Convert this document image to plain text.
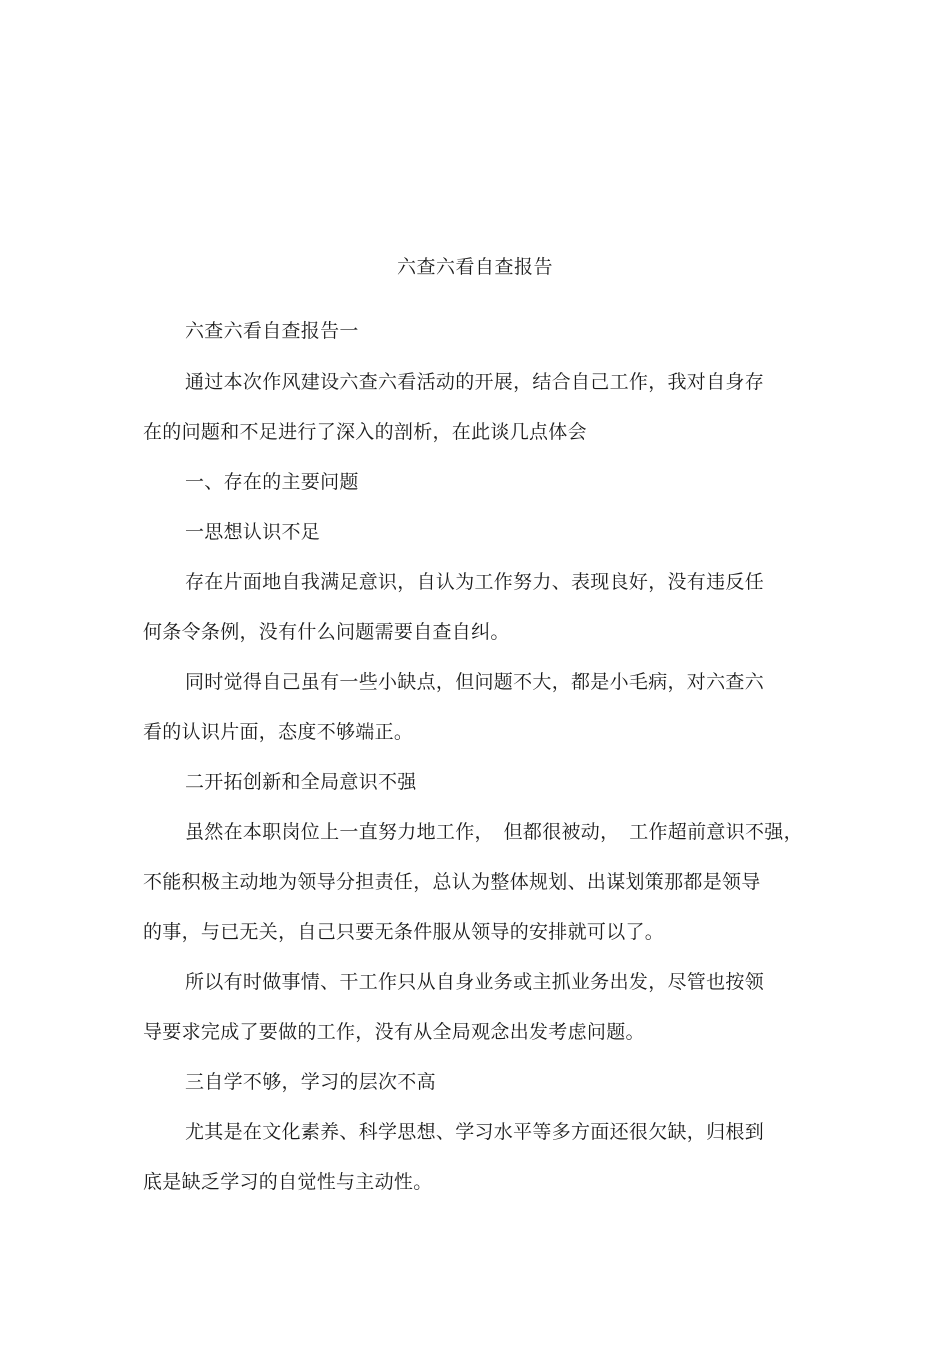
六查六看自查报告
六查六看自查报告一
通过本次作风建设六查六看活动的开展，结合自己工作，我对自身存
在的问题和不足进行了深入的剖析，在此谈几点体会
一、存在的主要问题
一思想认识不足
存在片面地自我满足意识，自认为工作努力、表现良好，没有违反任
何条令条例，没有什么问题需要自查自纠。
同时觉得自己虽有一些小缺点，但问题不大，都是小毛病，对六查六
看的认识片面，态度不够端正。
二开拓创新和全局意识不强
虽然在本职岗位上一直努力地工作，　但都很被动，　工作超前意识不强，
不能积极主动地为领导分担责任，总认为整体规划、出谋划策那都是领导
的事，与已无关，自己只要无条件服从领导的安排就可以了。
所以有时做事情、干工作只从自身业务或主抓业务出发，尽管也按领
导要求完成了要做的工作，没有从全局观念出发考虑问题。
三自学不够，学习的层次不高
尤其是在文化素养、科学思想、学习水平等多方面还很欠缺，归根到
底是缺乏学习的自觉性与主动性。
